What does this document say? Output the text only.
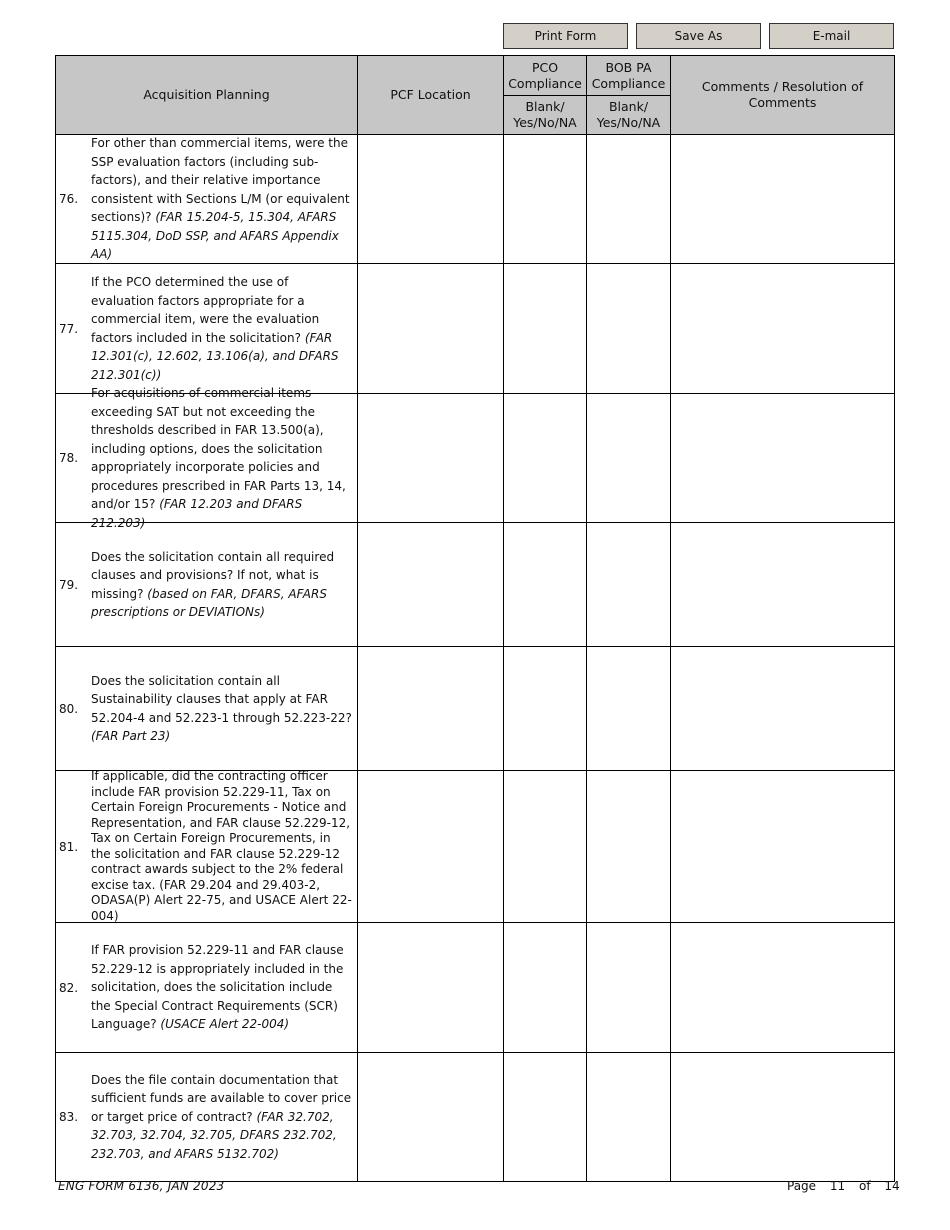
Print Form	Save As	E-mail
Acquisition Planning	PCF Location	PCO Compliance	BOB PA Compliance	Comments / Resolution of Comments
		Blank/ Yes/No/NA	Blank/ Yes/No/NA	

76.
For other than commercial items, were the SSP evaluation factors (including sub-factors), and their relative importance consistent with Sections L/M (or equivalent sections)? (FAR 15.204-5, 15.304, AFARS 5115.304, DoD SSP, and AFARS Appendix AA)				

77.
If the PCO determined the use of evaluation factors appropriate for a commercial item, were the evaluation factors included in the solicitation? (FAR 12.301(c), 12.602, 13.106(a), and DFARS 212.301(c))				

78.
For acquisitions of commercial items exceeding SAT but not exceeding the thresholds described in FAR 13.500(a), including options, does the solicitation appropriately incorporate policies and procedures prescribed in FAR Parts 13, 14, and/or 15? (FAR 12.203 and DFARS 212.203)				

79.
Does the solicitation contain all required clauses and provisions? If not, what is missing? (based on FAR, DFARS, AFARS prescriptions or DEVIATIONs)				

80.
Does the solicitation contain all Sustainability clauses that apply at FAR 52.204-4 and 52.223-1 through 52.223-22? (FAR Part 23)				

81.
If applicable, did the contracting officer include FAR provision 52.229-11, Tax on Certain Foreign Procurements - Notice and Representation, and FAR clause 52.229-12, Tax on Certain Foreign Procurements, in the solicitation and FAR clause 52.229-12 contract awards subject to the 2% federal excise tax. (FAR 29.204 and 29.403-2, ODASA(P) Alert 22-75, and USACE Alert 22-004)				

82.
If FAR provision 52.229-11 and FAR clause 52.229-12 is appropriately included in the solicitation, does the solicitation include the Special Contract Requirements (SCR) Language? (USACE Alert 22-004)				

83.
Does the file contain documentation that sufficient funds are available to cover price or target price of contract? (FAR 32.702, 32.703, 32.704, 32.705, DFARS 232.702, 232.703, and AFARS 5132.702)				

ENG FORM 6136, JAN 2023	Page 11 of 14
